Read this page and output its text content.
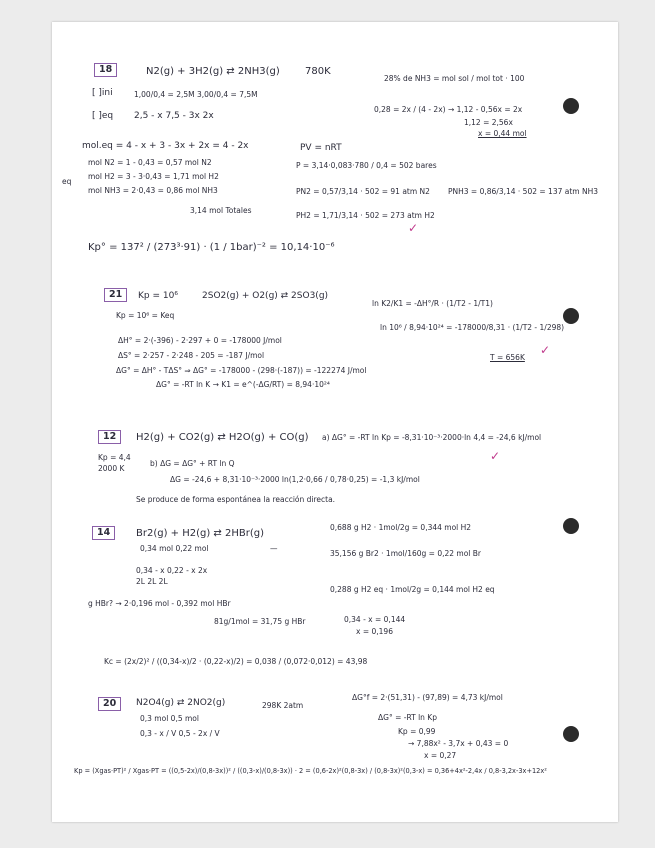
18	N2(g) + 3H2(g) ⇄ 2NH3(g)	780K
28% de NH3 = mol sol / mol tot · 100
[ ]ini	1,00/0,4 = 2,5M 3,00/0,4 = 7,5M
[ ]eq 2,5 - x 7,5 - 3x 2x
0,28 = 2x / (4 - 2x) → 1,12 - 0,56x = 2x
1,12 = 2,56x
x = 0,44 mol
mol.eq = 4 - x + 3 - 3x + 2x = 4 - 2x	PV = nRT
eq
mol N2 = 1 - 0,43 = 0,57 mol N2
mol H2 = 3 - 3·0,43 = 1,71 mol H2
mol NH3 = 2·0,43 = 0,86 mol NH3
3,14 mol Totales
P = 3,14·0,083·780 / 0,4 = 502 bares
PN2 = 0,57/3,14 · 502 = 91 atm N2 PNH3 = 0,86/3,14 · 502 = 137 atm NH3
PH2 = 1,71/3,14 · 502 = 273 atm H2
✓
Kp° = 137² / (273³·91) · (1 / 1bar)⁻² = 10,14·10⁻⁶
21	Kp = 10⁶	2SO2(g) + O2(g) ⇄ 2SO3(g)
Kp = 10⁶ = Keq
ln K2/K1 = -ΔH°/R · (1/T2 - 1/T1)
ln 10⁶ / 8,94·10²⁴ = -178000/8,31 · (1/T2 - 1/298)
ΔH° = 2·(-396) - 2·297 + 0 = -178000 J/mol
ΔS° = 2·257 - 2·248 - 205 = -187 J/mol	T = 656K
✓
ΔG° = ΔH° - TΔS° ⇒ ΔG° = -178000 - (298·(-187)) = -122274 J/mol
ΔG° = -RT ln K → K1 = e^(-ΔG/RT) = 8,94·10²⁴
12	H2(g) + CO2(g) ⇄ H2O(g) + CO(g) a) ΔG° = -RT ln Kp = -8,31·10⁻³·2000·ln 4,4 = -24,6 kJ/mol
Kp = 4,4
2000 K
✓
b) ΔG = ΔG° + RT ln Q
ΔG = -24,6 + 8,31·10⁻³·2000 ln(1,2·0,66 / 0,78·0,25) = -1,3 kJ/mol
Se produce de forma espontánea la reacción directa.
14	Br2(g) + H2(g) ⇄ 2HBr(g)
0,34 mol 0,22 mol	—
0,34 - x 0,22 - x 2x
2L 2L 2L
0,688 g H2 · 1mol/2g = 0,344 mol H2
35,156 g Br2 · 1mol/160g = 0,22 mol Br
0,288 g H2 eq · 1mol/2g = 0,144 mol H2 eq
g HBr? → 2·0,196 mol - 0,392 mol HBr
81g/1mol = 31,75 g HBr	0,34 - x = 0,144
x = 0,196
Kc = (2x/2)² / ((0,34-x)/2 · (0,22-x)/2) = 0,038 / (0,072·0,012) = 43,98
20	N2O4(g) ⇄ 2NO2(g)	298K 2atm
ΔG°f = 2·(51,31) - (97,89) = 4,73 kJ/mol
0,3 mol 0,5 mol	ΔG° = -RT ln Kp
0,3 - x / V 0,5 - 2x / V	Kp = 0,99
→ 7,88x² - 3,7x + 0,43 = 0
x = 0,27
Kp = (Xgas·PT)² / Xgas·PT = ((0,5-2x)/(0,8-3x))² / ((0,3-x)/(0,8-3x)) · 2 = (0,6-2x)²(0,8-3x) / (0,8-3x)²(0,3-x) = 0,36+4x²-2,4x / 0,8-3,2x-3x+12x²
